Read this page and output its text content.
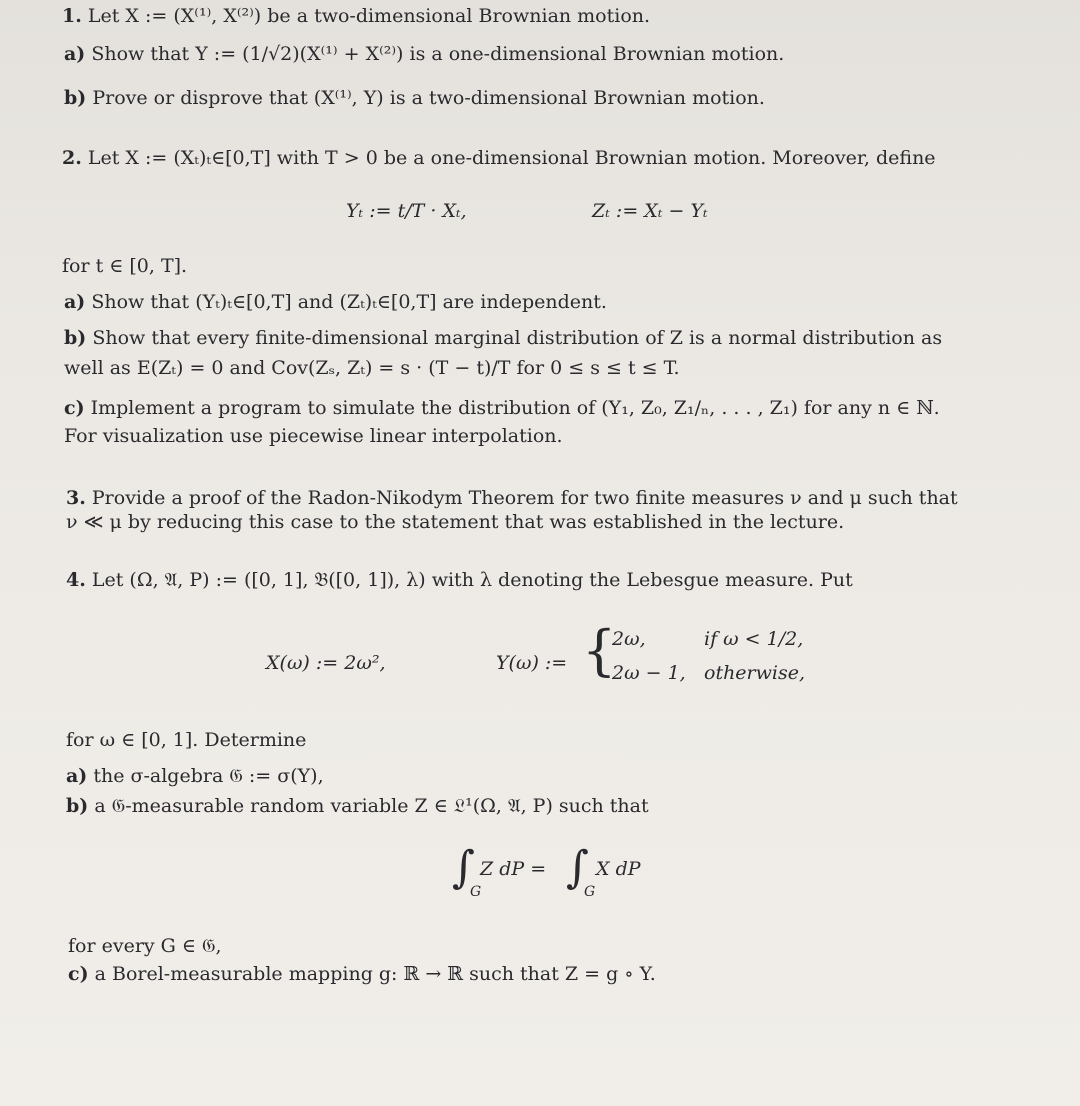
1. Let X := (X⁽¹⁾, X⁽²⁾) be a two-dimensional Brownian motion.
a) Show that Y := (1/√2)(X⁽¹⁾ + X⁽²⁾) is a one-dimensional Brownian motion.
b) Prove or disprove that (X⁽¹⁾, Y) is a two-dimensional Brownian motion.
2. Let X := (Xₜ)ₜ∈[0,T] with T > 0 be a one-dimensional Brownian motion. Moreover, define
Yₜ := t/T · Xₜ,	Zₜ := Xₜ − Yₜ
for t ∈ [0, T].
a) Show that (Yₜ)ₜ∈[0,T] and (Zₜ)ₜ∈[0,T] are independent.
b) Show that every finite-dimensional marginal distribution of Z is a normal distribution as
well as E(Zₜ) = 0 and Cov(Zₛ, Zₜ) = s · (T − t)/T for 0 ≤ s ≤ t ≤ T.
c) Implement a program to simulate the distribution of (Y₁, Z₀, Z₁/ₙ, . . . , Z₁) for any n ∈ ℕ.
For visualization use piecewise linear interpolation.
3. Provide a proof of the Radon-Nikodym Theorem for two finite measures ν and μ such that
ν ≪ μ by reducing this case to the statement that was established in the lecture.
4. Let (Ω, 𝔄, P) := ([0, 1], 𝔅([0, 1]), λ) with λ denoting the Lebesgue measure. Put
X(ω) := 2ω²,	Y(ω) := {
2ω,	if ω < 1/2,
2ω − 1, otherwise,
for ω ∈ [0, 1]. Determine
a) the σ-algebra 𝔊 := σ(Y),
b) a 𝔊-measurable random variable Z ∈ 𝔏¹(Ω, 𝔄, P) such that
∫
G
Z dP = ∫
G
X dP
for every G ∈ 𝔊,
c) a Borel-measurable mapping g: ℝ → ℝ such that Z = g ∘ Y.
